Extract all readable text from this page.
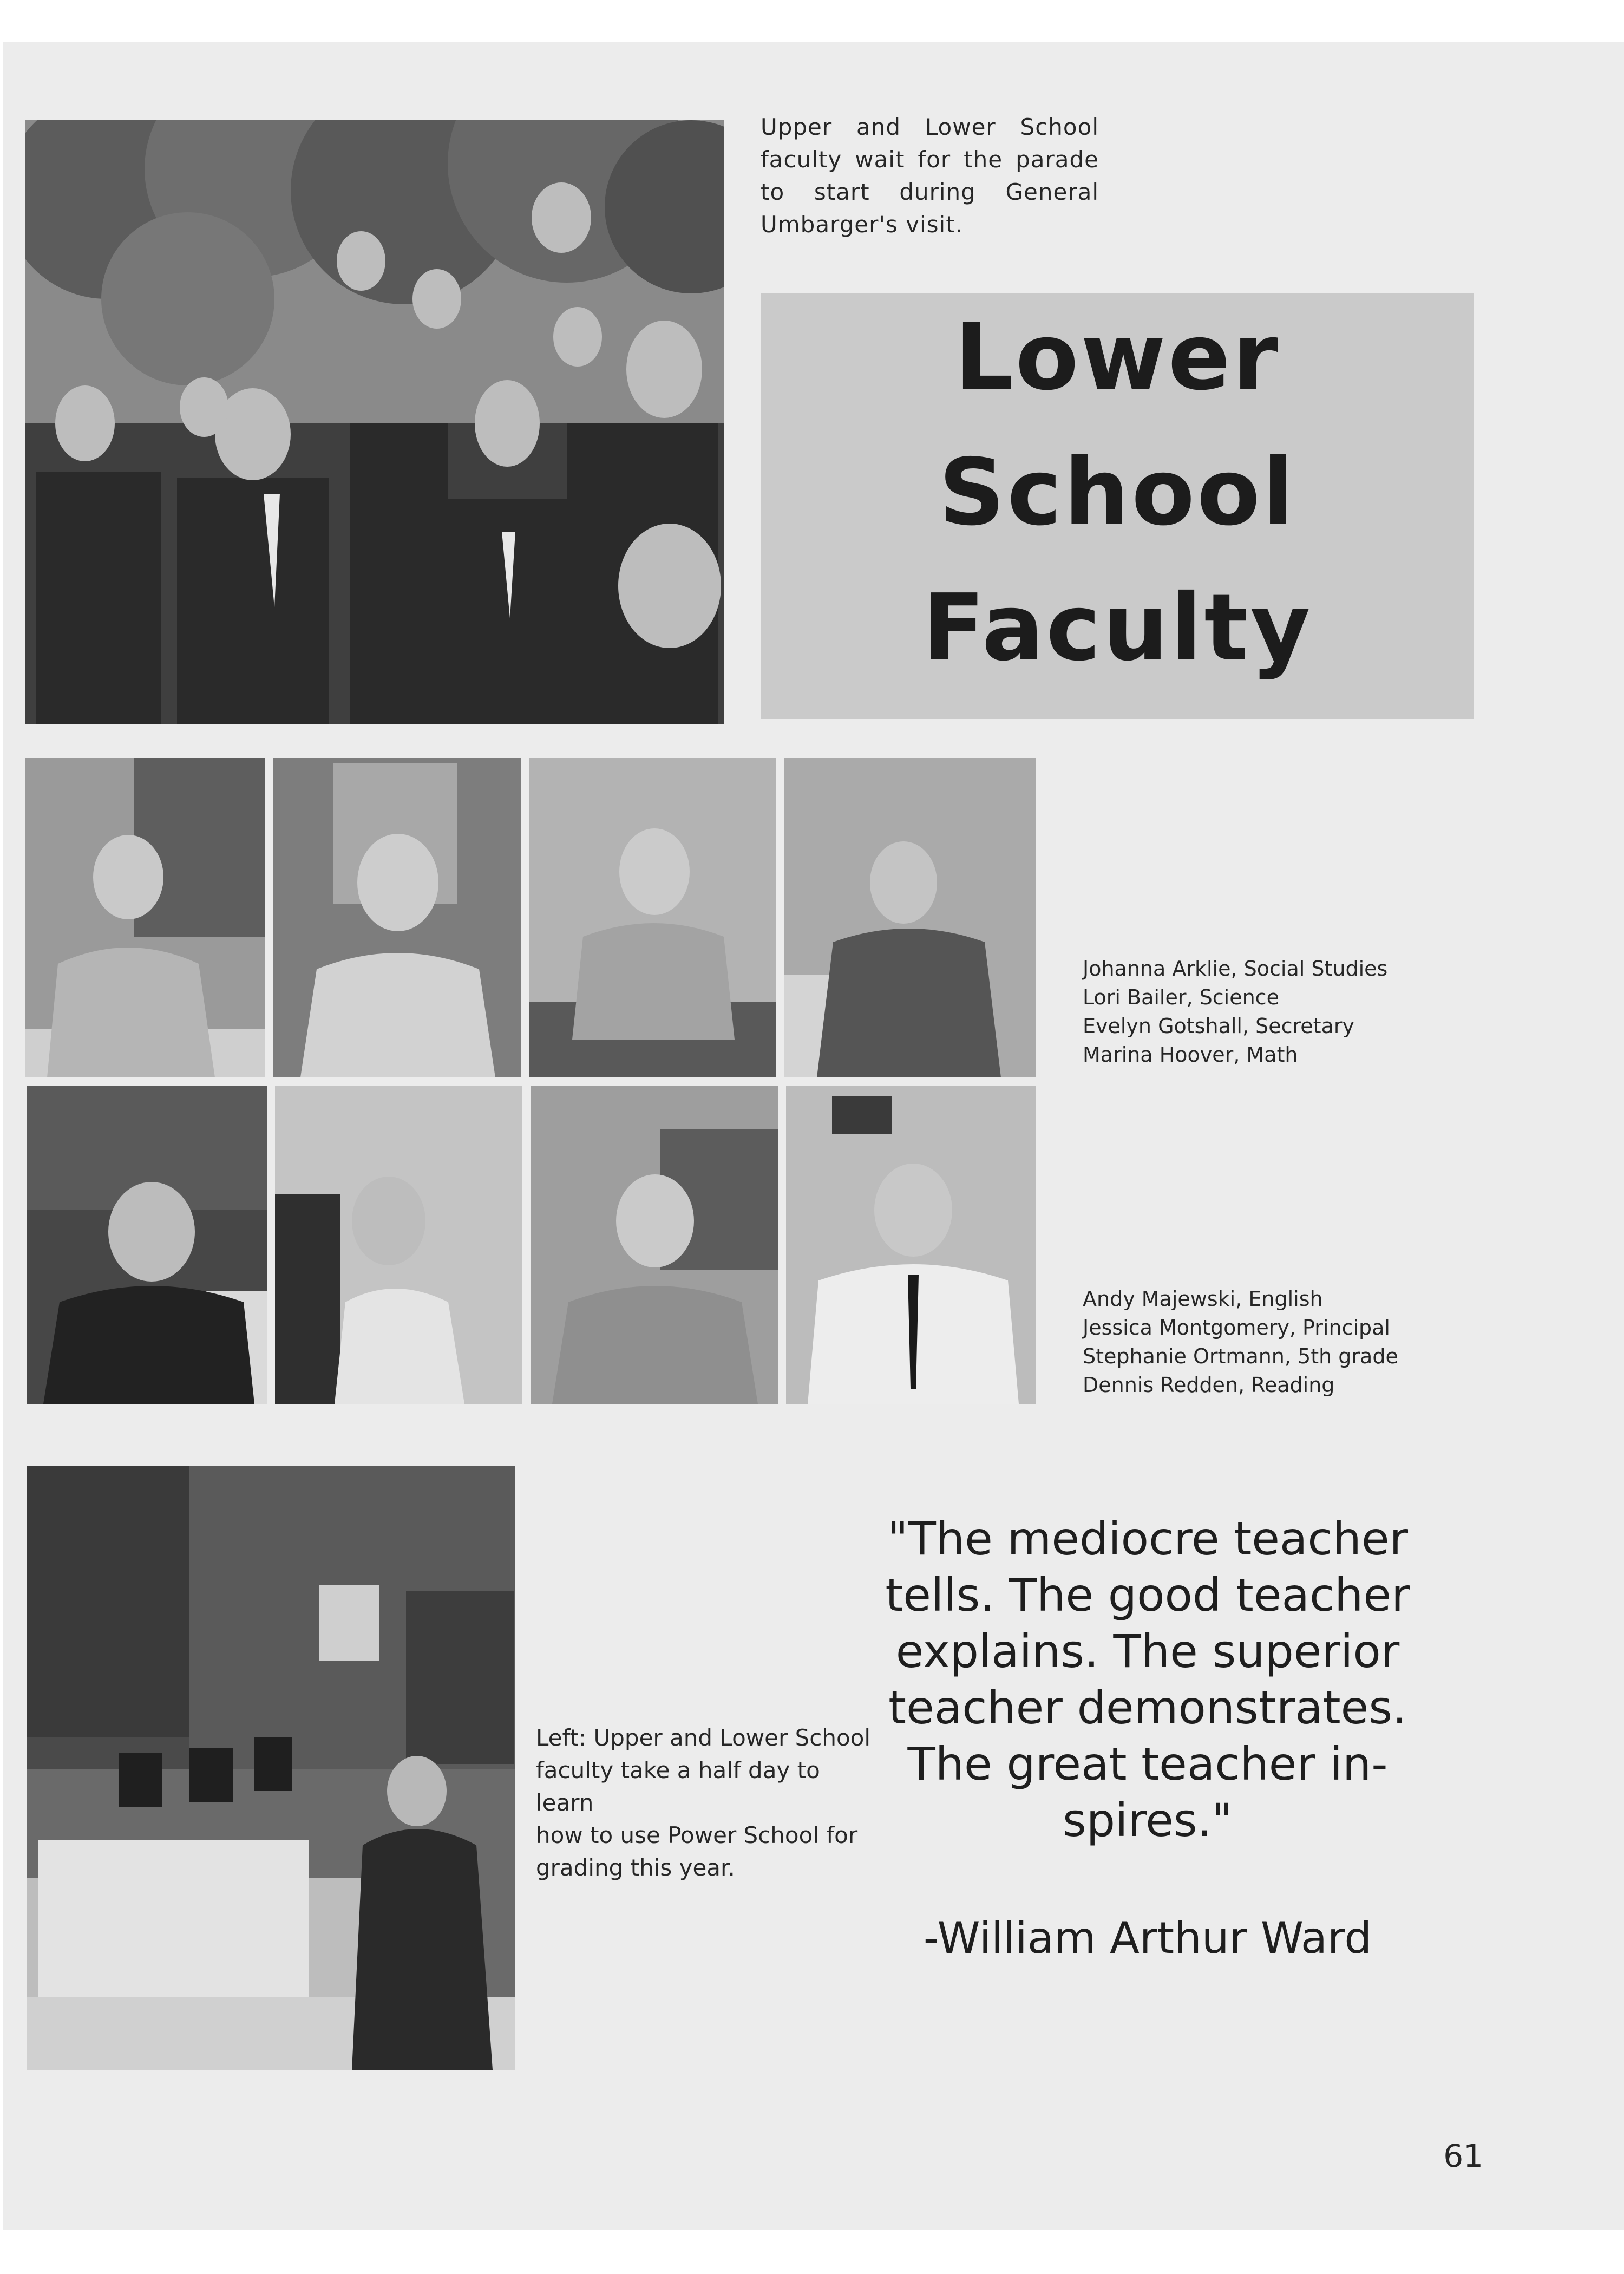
Upper and Lower School
faculty wait for the parade
to start during General
Umbarger's visit.
Lower
School
Faculty
Johanna Arklie, Social Studies
Lori Bailer, Science
Evelyn Gotshall, Secretary
Marina Hoover, Math
Andy Majewski, English
Jessica Montgomery, Principal
Stephanie Ortmann, 5th grade
Dennis Redden, Reading
Left: Upper and Lower School
faculty take a half day to learn
how to use Power School for
grading this year.
"The mediocre teacher
tells. The good teacher
explains. The superior
teacher demonstrates.
The great teacher in-
spires."
-William Arthur Ward
61
